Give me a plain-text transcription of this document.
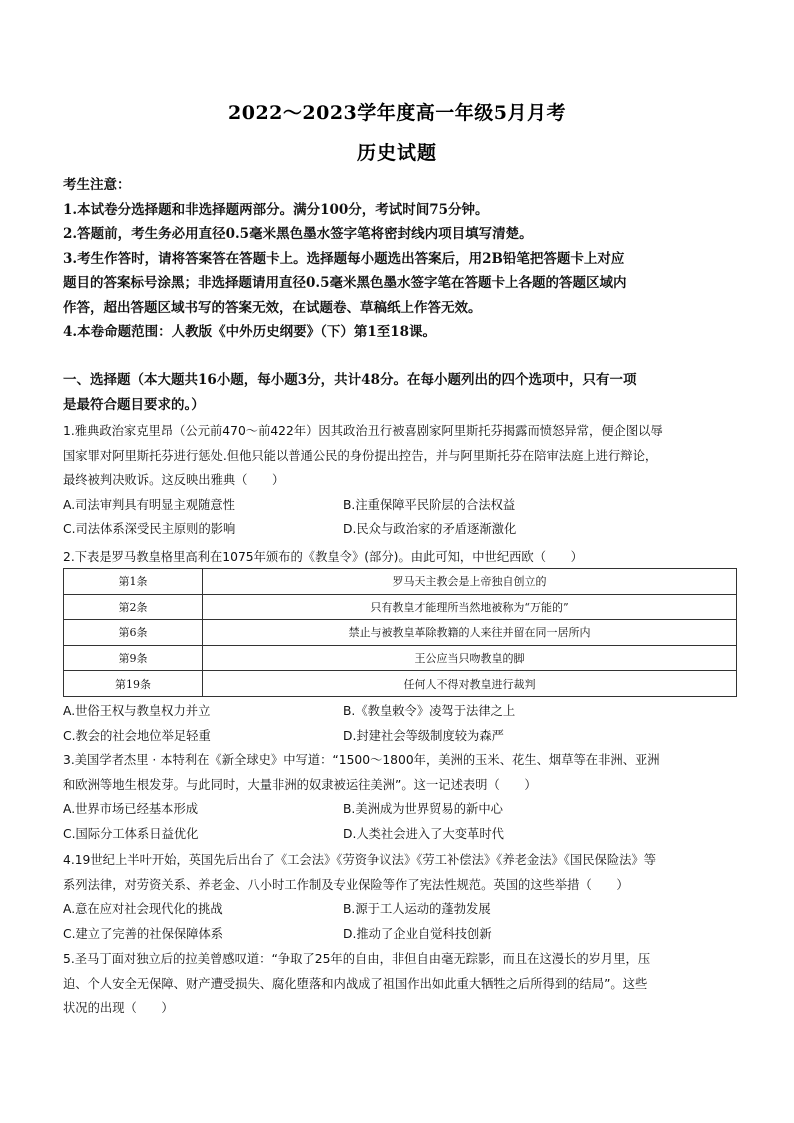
2022～2023学年度高一年级5月月考
历史试题

考生注意：

1.本试卷分选择题和非选择题两部分。满分100分，考试时间75分钟。

2.答题前，考生务必用直径0.5毫米黑色墨水签字笔将密封线内项目填写清楚。

3.考生作答时，请将答案答在答题卡上。选择题每小题选出答案后，用2B铅笔把答题卡上对应

题目的答案标号涂黑；非选择题请用直径0.5毫米黑色墨水签字笔在答题卡上各题的答题区域内

作答，超出答题区域书写的答案无效，在试题卷、草稿纸上作答无效。

4.本卷命题范围：人教版《中外历史纲要》（下）第1至18课。

一、选择题（本大题共16小题，每小题3分，共计48分。在每小题列出的四个选项中，只有一项
是最符合题目要求的。）

1.雅典政治家克里昂（公元前470～前422年）因其政治丑行被喜剧家阿里斯托芬揭露而愤怒异常，便企图以辱

国家罪对阿里斯托芬进行惩处.但他只能以普通公民的身份提出控告，并与阿里斯托芬在陪审法庭上进行辩论，

最终被判决败诉。这反映出雅典（　　）

A.司法审判具有明显主观随意性	B.注重保障平民阶层的合法权益
C.司法体系深受民主原则的影响	D.民众与政治家的矛盾逐渐激化

2.下表是罗马教皇格里高利在1075年颁布的《教皇令》(部分)。由此可知，中世纪西欧（　　）

第1条	罗马天主教会是上帝独自创立的
第2条	只有教皇才能理所当然地被称为“万能的”
第6条	禁止与被教皇革除教籍的人来往并留在同一居所内
第9条	王公应当只吻教皇的脚
第19条	任何人不得对教皇进行裁判
A.世俗王权与教皇权力并立	B.《教皇敕令》凌驾于法律之上
C.教会的社会地位举足轻重	D.封建社会等级制度较为森严

3.美国学者杰里 · 本特利在《新全球史》中写道：“1500～1800年，美洲的玉米、花生、烟草等在非洲、亚洲

和欧洲等地生根发芽。与此同时，大量非洲的奴隶被运往美洲”。这一记述表明（　　）

A.世界市场已经基本形成	B.美洲成为世界贸易的新中心
C.国际分工体系日益优化	D.人类社会进入了大变革时代

4.19世纪上半叶开始，英国先后出台了《工会法》《劳资争议法》《劳工补偿法》《养老金法》《国民保险法》等

系列法律，对劳资关系、养老金、八小时工作制及专业保险等作了宪法性规范。英国的这些举措（　　）

A.意在应对社会现代化的挑战	B.源于工人运动的蓬勃发展
C.建立了完善的社保保障体系	D.推动了企业自觉科技创新

5.圣马丁面对独立后的拉美曾感叹道：“争取了25年的自由，非但自由毫无踪影，而且在这漫长的岁月里，压

迫、个人安全无保障、财产遭受损失、腐化堕落和内战成了祖国作出如此重大牺牲之后所得到的结局”。这些

状况的出现（　　）
